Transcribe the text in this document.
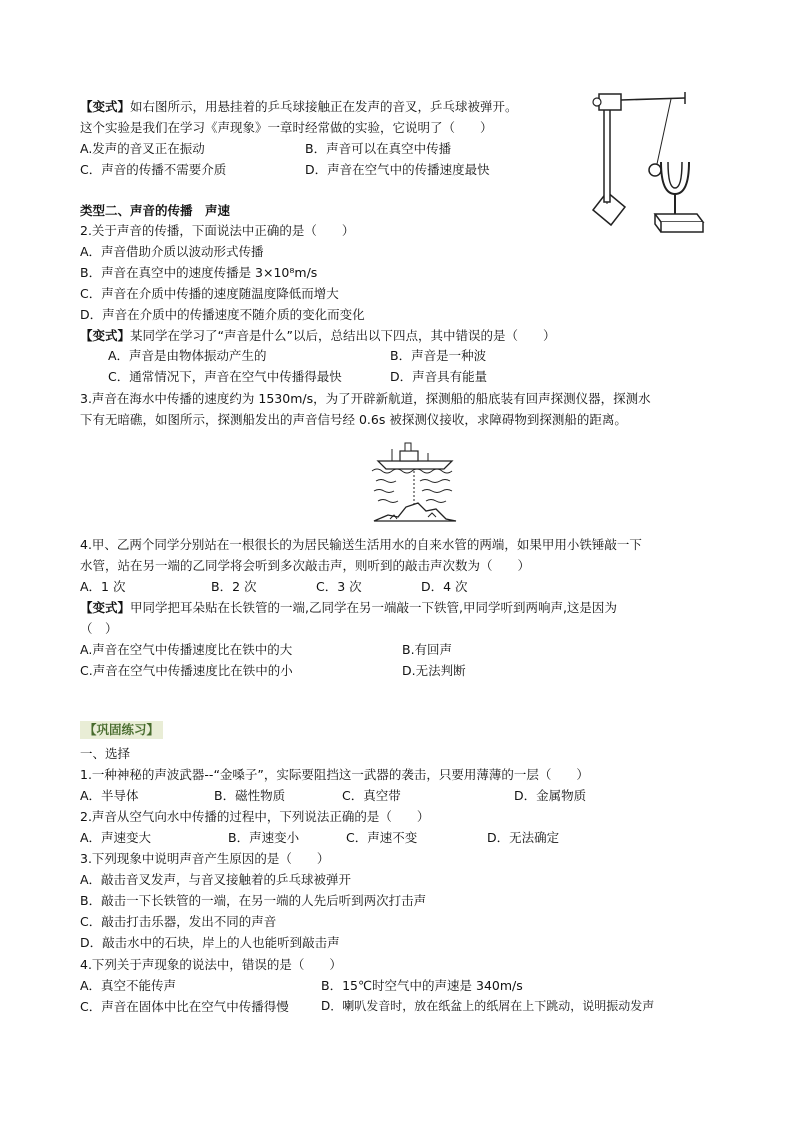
【变式】如右图所示，用悬挂着的乒乓球接触正在发声的音叉，乒乓球被弹开。
这个实验是我们在学习《声现象》一章时经常做的实验，它说明了（　　）
A.发声的音叉正在振动	B．声音可以在真空中传播
C．声音的传播不需要介质	D．声音在空气中的传播速度最快
类型二、声音的传播　声速
2.关于声音的传播，下面说法中正确的是（　　）
A．声音借助介质以波动形式传播
B．声音在真空中的速度传播是 3×10⁸m/s
C．声音在介质中传播的速度随温度降低而增大
D．声音在介质中的传播速度不随介质的变化而变化
【变式】某同学在学习了“声音是什么”以后，总结出以下四点，其中错误的是（　　）
A．声音是由物体振动产生的	B．声音是一种波
C．通常情况下，声音在空气中传播得最快	D．声音具有能量
3.声音在海水中传播的速度约为 1530m/s，为了开辟新航道，探测船的船底装有回声探测仪器，探测水
下有无暗礁，如图所示，探测船发出的声音信号经 0.6s 被探测仪接收，求障碍物到探测船的距离。
4.甲、乙两个同学分别站在一根很长的为居民输送生活用水的自来水管的两端，如果甲用小铁锤敲一下
水管，站在另一端的乙同学将会听到多次敲击声，则听到的敲击声次数为（　　）
A．1 次	B．2 次	C．3 次	D．4 次
【变式】甲同学把耳朵贴在长铁管的一端,乙同学在另一端敲一下铁管,甲同学听到两响声,这是因为
（　）
A.声音在空气中传播速度比在铁中的大	B.有回声
C.声音在空气中传播速度比在铁中的小	D.无法判断
【巩固练习】
一、选择
1.一种神秘的声波武器--“金嗓子”，实际要阻挡这一武器的袭击，只要用薄薄的一层（　　）
A．半导体	B．磁性物质	C．真空带	D．金属物质
2.声音从空气向水中传播的过程中，下列说法正确的是（　　）
A．声速变大	B．声速变小	C．声速不变	D．无法确定
3.下列现象中说明声音产生原因的是（　　）
A．敲击音叉发声，与音叉接触着的乒乓球被弹开
B．敲击一下长铁管的一端，在另一端的人先后听到两次打击声
C．敲击打击乐器，发出不同的声音
D．敲击水中的石块，岸上的人也能听到敲击声
4.下列关于声现象的说法中，错误的是（　　）
A．真空不能传声	B．15℃时空气中的声速是 340m/s
C．声音在固体中比在空气中传播得慢	D．喇叭发音时，放在纸盆上的纸屑在上下跳动，说明振动发声
